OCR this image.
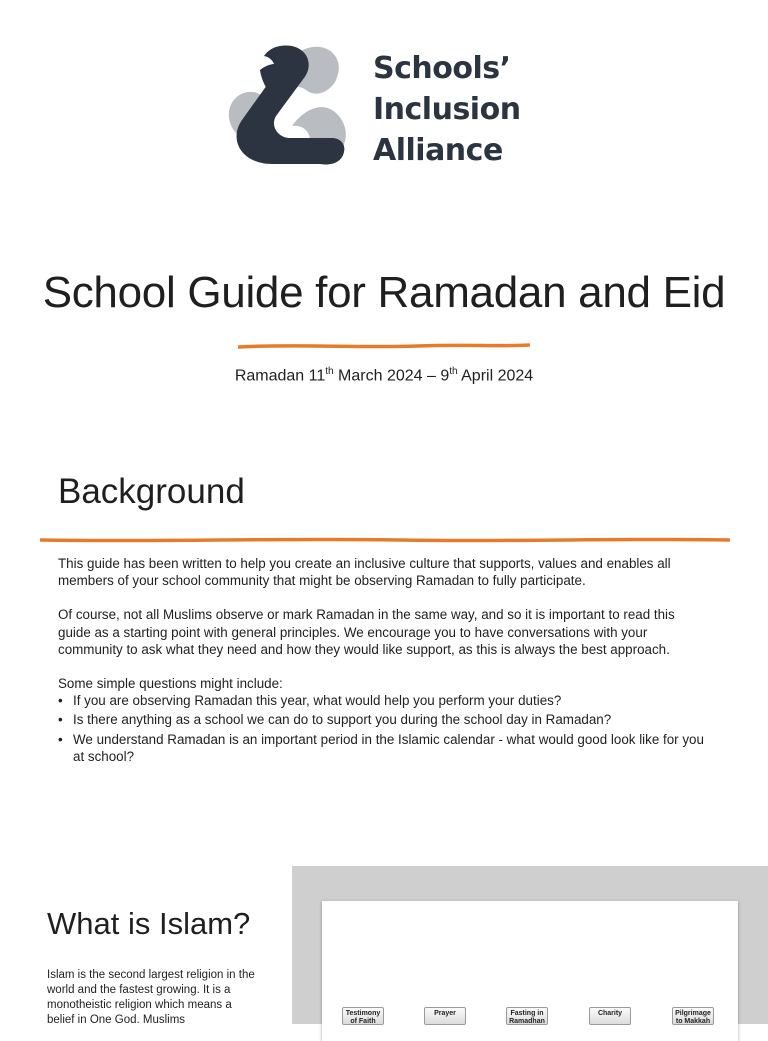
Schools’
Inclusion
Alliance
School Guide for Ramadan and Eid
Ramadan 11th March 2024 – 9th April 2024
Background

This guide has been written to help you create an inclusive culture that supports, values and enables all members of your school community that might be observing Ramadan to fully participate.

Of course, not all Muslims observe or mark Ramadan in the same way, and so it is important to read this guide as a starting point with general principles. We encourage you to have conversations with your community to ask what they need and how they would like support, as this is always the best approach.

Some simple questions might include:
• If you are observing Ramadan this year, what would help you perform your duties?
• Is there anything as a school we can do to support you during the school day in Ramadan?
• We understand Ramadan is an important period in the Islamic calendar - what would good look like for you at school?
What is Islam?
Islam is the second largest religion in the world and the fastest growing. It is a monotheistic religion which means a belief in One God. Muslims
Testimony of Faith
Prayer	Fasting in Ramadhan
Charity	Pilgrimage to Makkah
